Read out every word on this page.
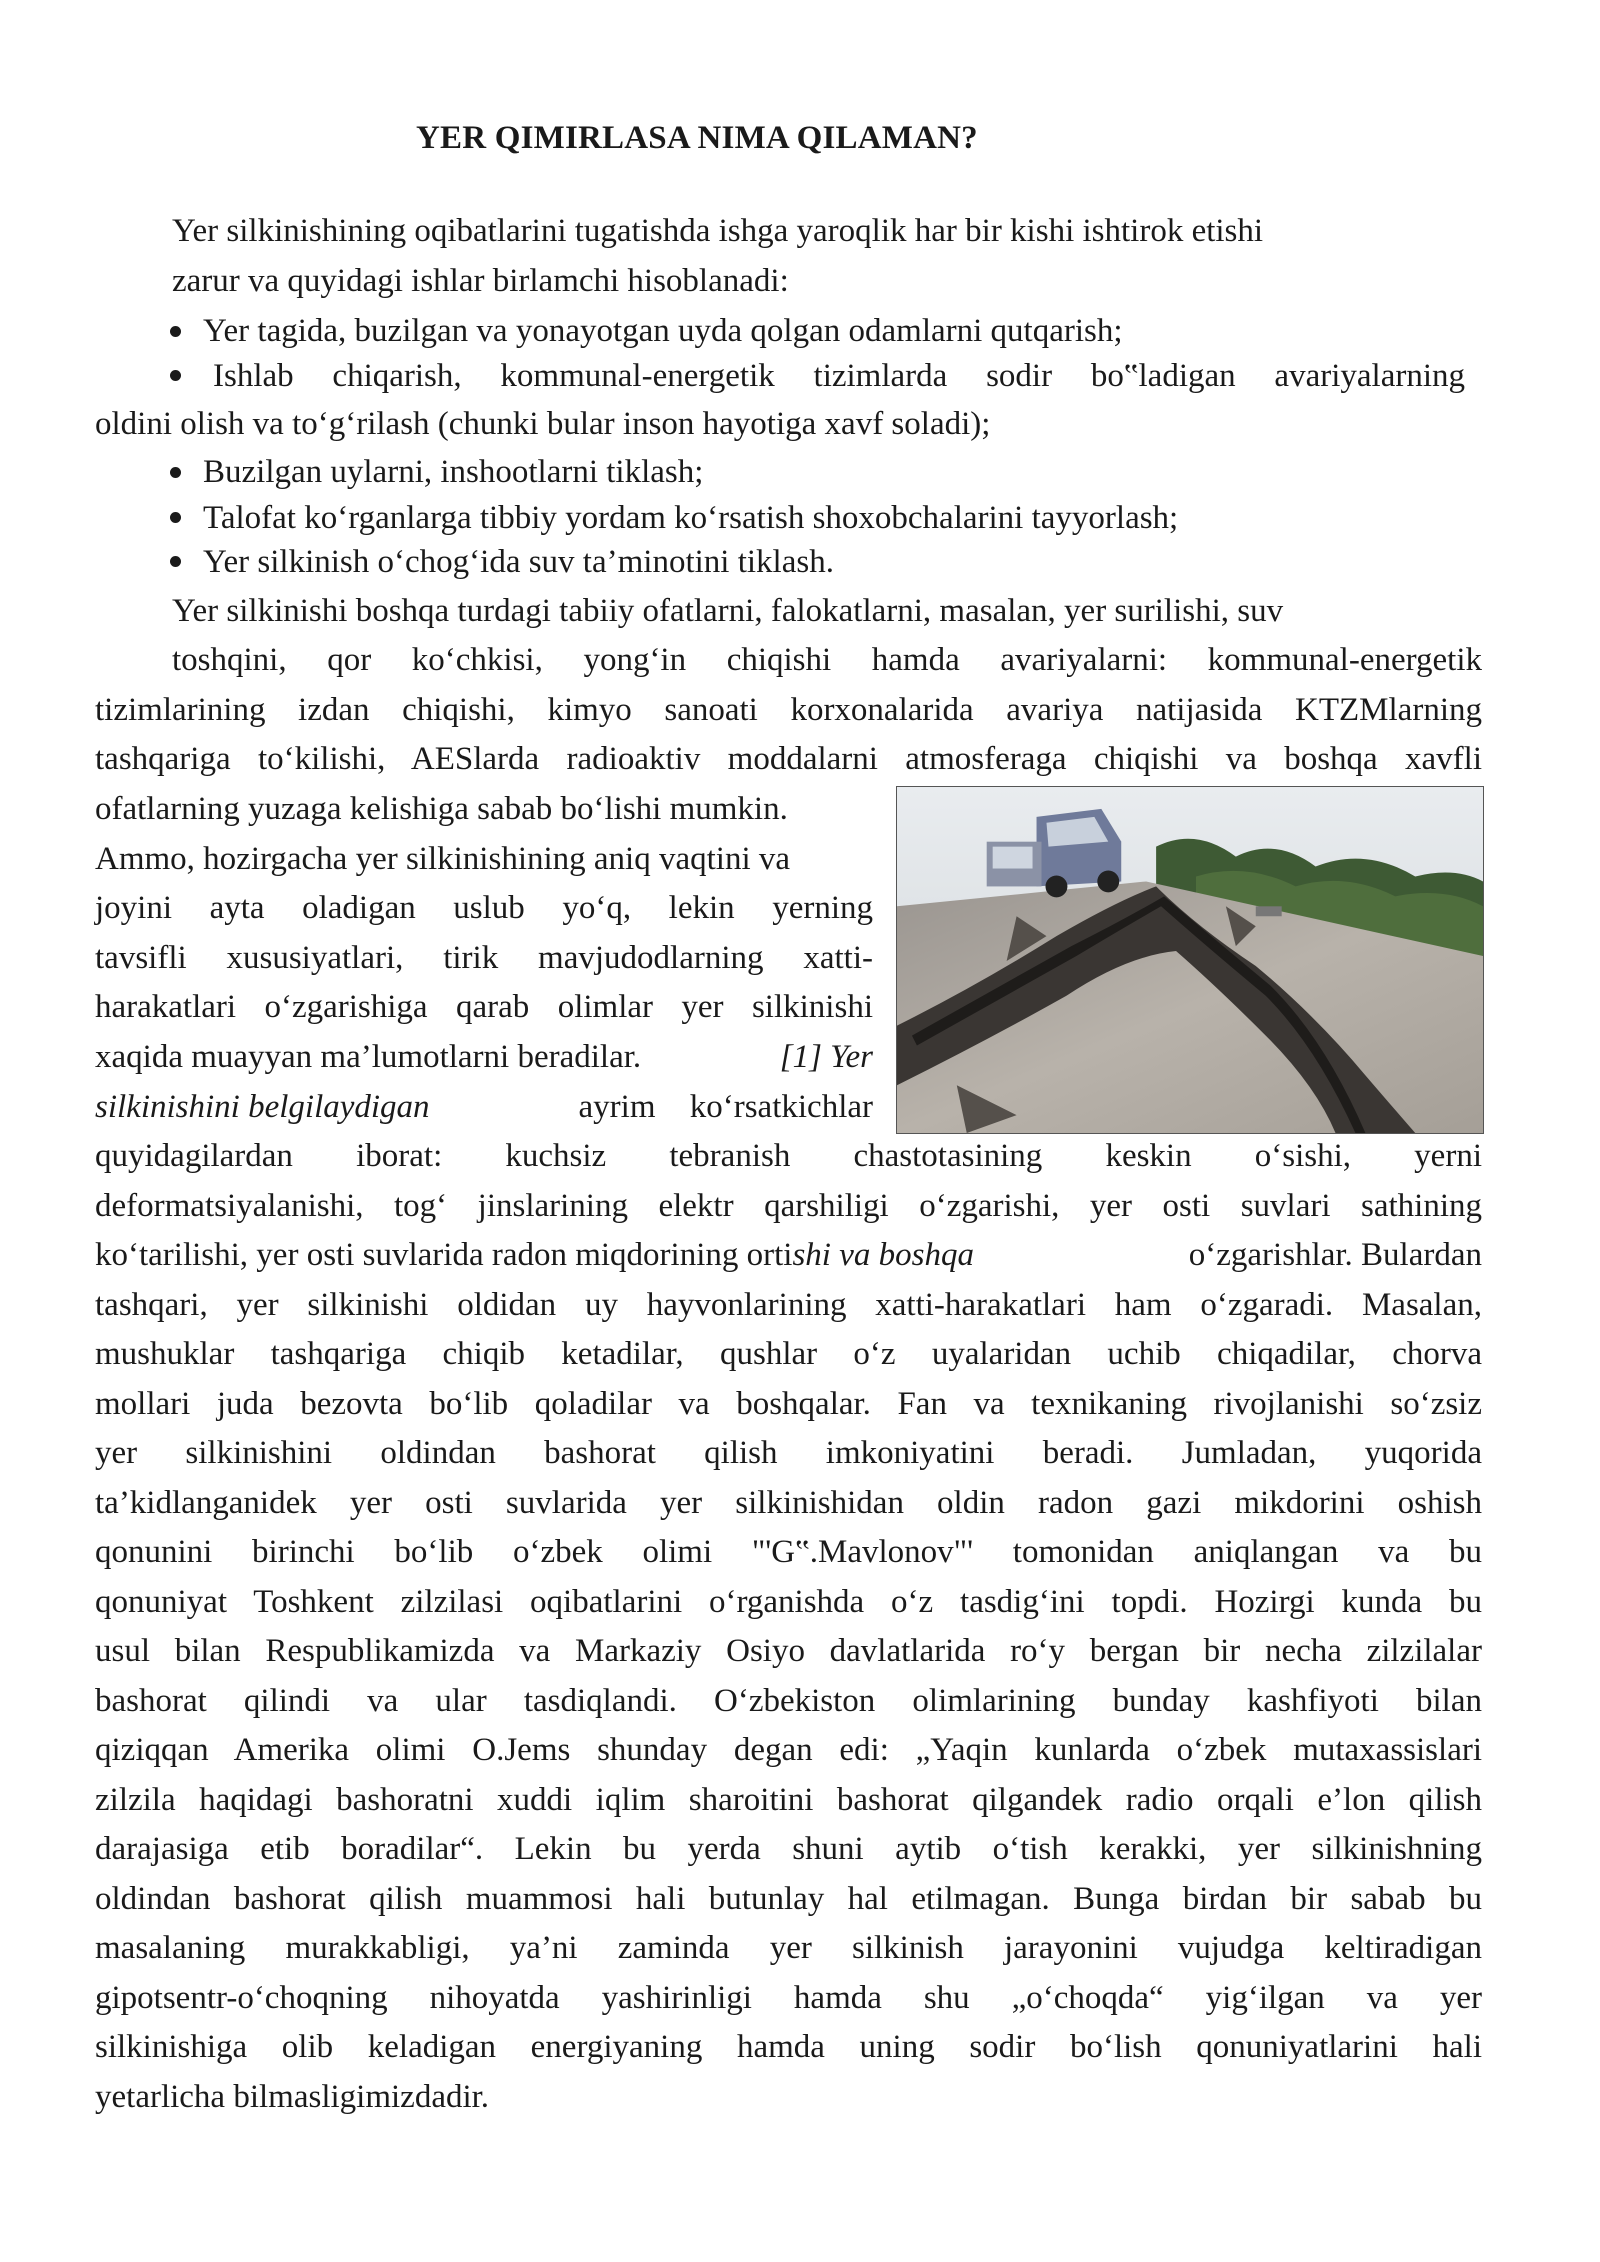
YER QIMIRLASA NIMA QILAMAN?
Yer silkinishining oqibatlarini tugatishda ishga yaroqlik har bir kishi ishtirok etishi
zarur va quyidagi ishlar birlamchi hisoblanadi:
Yer tagida, buzilgan va yonayotgan uyda qolgan odamlarni qutqarish;
Ishlab chiqarish, kommunal-energetik tizimlarda sodir bo‟ladigan avariyalarning
oldini olish va to‘g‘rilash (chunki bular inson hayotiga xavf soladi);
Buzilgan uylarni, inshootlarni tiklash;
Talofat ko‘rganlarga tibbiy yordam ko‘rsatish shoxobchalarini tayyorlash;
Yer silkinish o‘chog‘ida suv ta’minotini tiklash.
Yer silkinishi boshqa turdagi tabiiy ofatlarni, falokatlarni, masalan, yer surilishi, suv
toshqini, qor ko‘chkisi, yong‘in chiqishi hamda avariyalarni: kommunal-energetik
tizimlarining izdan chiqishi, kimyo sanoati korxonalarida avariya natijasida KTZMlarning
tashqariga to‘kilishi, AESlarda radioaktiv moddalarni atmosferaga chiqishi va boshqa xavfli
ofatlarning yuzaga kelishiga sabab bo‘lishi mumkin.
Ammo, hozirgacha yer silkinishining aniq vaqtini va
joyini ayta oladigan uslub yo‘q, lekin yerning
tavsifli xususiyatlari, tirik mavjudodlarning xatti-
harakatlari o‘zgarishiga qarab olimlar yer silkinishi
xaqida muayyan ma’lumotlarni beradilar.	[1] Yer
silkinishini belgilaydigan	ayrim ko‘rsatkichlar
quyidagilardan iborat: kuchsiz tebranish chastotasining keskin o‘sishi, yerni
deformatsiyalanishi, tog‘ jinslarining elektr qarshiligi o‘zgarishi, yer osti suvlari sathining
ko‘tarilishi, yer osti suvlarida radon miqdorining ortishi va boshqa	o‘zgarishlar. Bulardan
tashqari, yer silkinishi oldidan uy hayvonlarining xatti-harakatlari ham o‘zgaradi. Masalan,
mushuklar tashqariga chiqib ketadilar, qushlar o‘z uyalaridan uchib chiqadilar, chorva
mollari juda bezovta bo‘lib qoladilar va boshqalar. Fan va texnikaning rivojlanishi so‘zsiz
yer silkinishini oldindan bashorat qilish imkoniyatini beradi. Jumladan, yuqorida
ta’kidlanganidek yer osti suvlarida yer silkinishidan oldin radon gazi mikdorini oshish
qonunini birinchi bo‘lib o‘zbek olimi "'G‟.Mavlonov"' tomonidan aniqlangan va bu
qonuniyat Toshkent zilzilasi oqibatlarini o‘rganishda o‘z tasdig‘ini topdi. Hozirgi kunda bu
usul bilan Respublikamizda va Markaziy Osiyo davlatlarida ro‘y bergan bir necha zilzilalar
bashorat qilindi va ular tasdiqlandi. O‘zbekiston olimlarining bunday kashfiyoti bilan
qiziqqan Amerika olimi O.Jems shunday degan edi: „Yaqin kunlarda o‘zbek mutaxassislari
zilzila haqidagi bashoratni xuddi iqlim sharoitini bashorat qilgandek radio orqali e’lon qilish
darajasiga etib boradilar“. Lekin bu yerda shuni aytib o‘tish kerakki, yer silkinishning
oldindan bashorat qilish muammosi hali butunlay hal etilmagan. Bunga birdan bir sabab bu
masalaning murakkabligi, ya’ni zaminda yer silkinish jarayonini vujudga keltiradigan
gipotsentr-o‘choqning nihoyatda yashirinligi hamda shu „o‘choqda“ yig‘ilgan va yer
silkinishiga olib keladigan energiyaning hamda uning sodir bo‘lish qonuniyatlarini hali
yetarlicha bilmasligimizdadir.
